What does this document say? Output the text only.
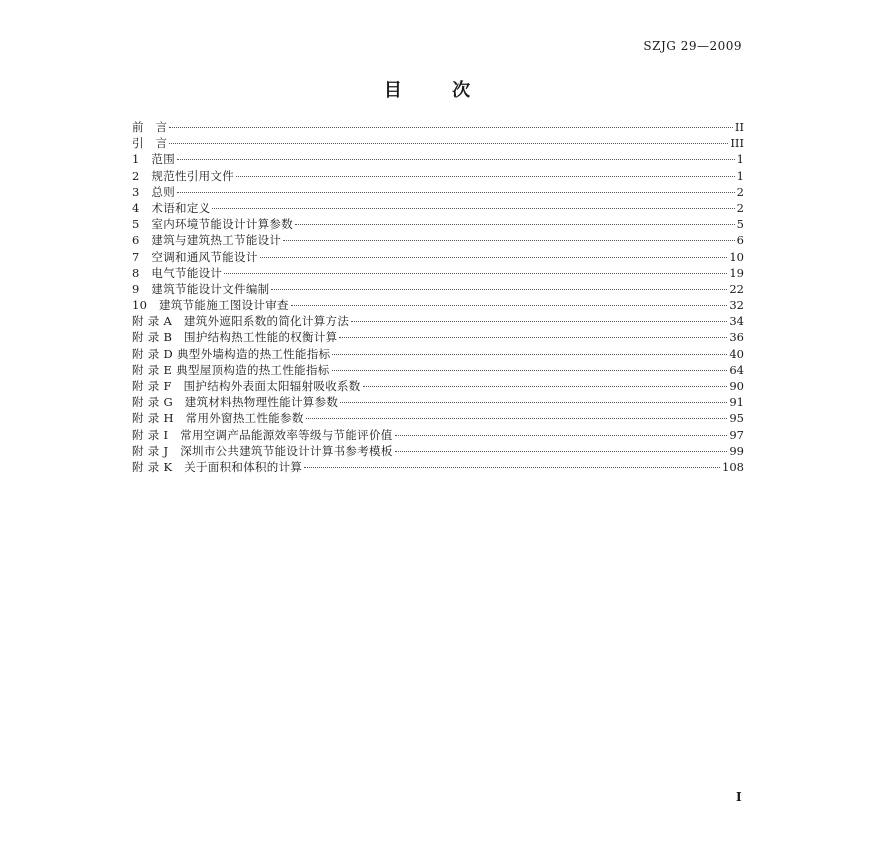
SZJG 29—2009
目 次
前　言	II
引　言	III
1　范围	1
2　规范性引用文件	1
3　总则	2
4　术语和定义	2
5　室内环境节能设计计算参数	5
6　建筑与建筑热工节能设计	6
7　空调和通风节能设计	10
8　电气节能设计	19
9　建筑节能设计文件编制	22
10　建筑节能施工图设计审查	32
附 录 A　建筑外遮阳系数的简化计算方法	34
附 录 B　围护结构热工性能的权衡计算	36
附 录 D 典型外墙构造的热工性能指标	40
附 录 E 典型屋顶构造的热工性能指标	64
附 录 F　围护结构外表面太阳辐射吸收系数	90
附 录 G　建筑材料热物理性能计算参数	91
附 录 H　常用外窗热工性能参数	95
附 录 I　常用空调产品能源效率等级与节能评价值	97
附 录 J　深圳市公共建筑节能设计计算书参考模板	99
附 录 K　关于面积和体积的计算	108
I
